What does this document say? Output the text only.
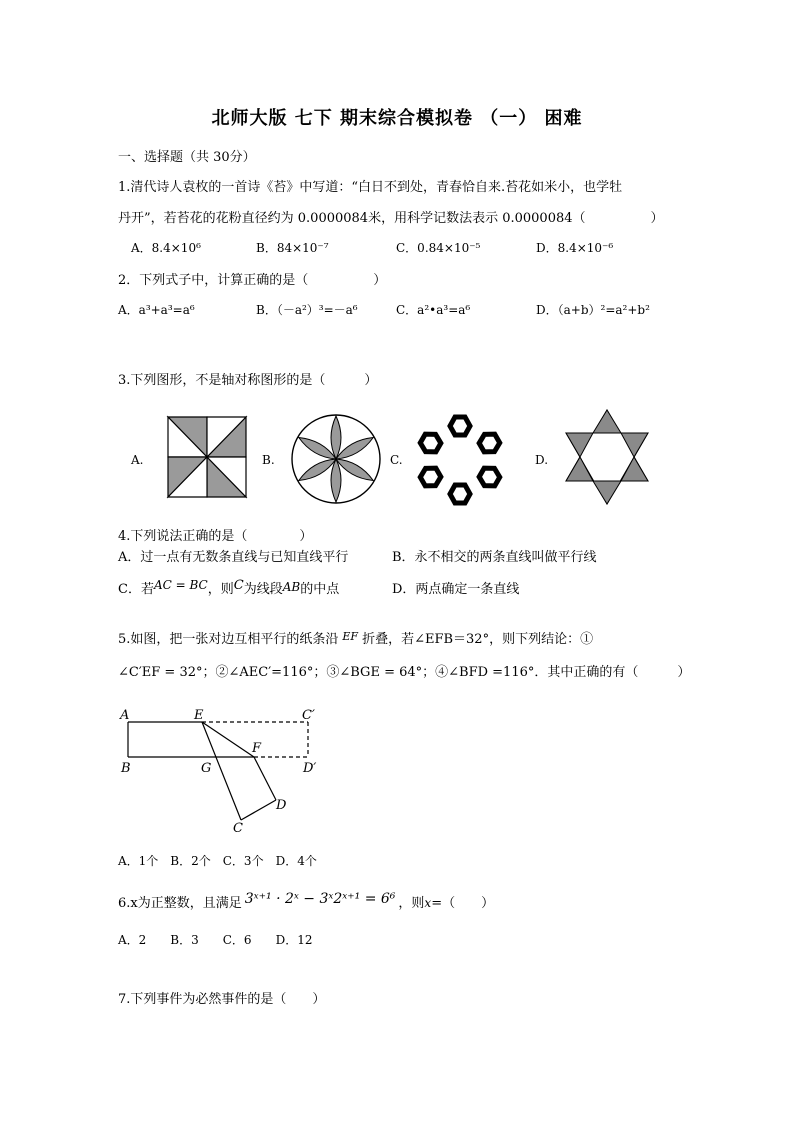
北师大版 七下 期末综合模拟卷 （一） 困难
一、选择题（共 30分）
1.清代诗人袁枚的一首诗《苔》中写道：“白日不到处，青春恰自来.苔花如米小，也学牡
丹开”，若苔花的花粉直径约为 0.0000084米，用科学记数法表示 0.0000084（　　　　　）
A．8.4×10⁶	B．84×10⁻⁷	C．0.84×10⁻⁵	D．8.4×10⁻⁶
2．下列式子中，计算正确的是（　　　　　）
A．a³+a³=a⁶	B．（－a²）³=－a⁶	C．a²•a³=a⁶	D．（a+b）²=a²+b²
3.下列图形，不是轴对称图形的是（　　　）
A.	B.	C.	D.
4.下列说法正确的是（　　　　）
A．过一点有无数条直线与已知直线平行	B．永不相交的两条直线叫做平行线
C．若AC = BC，则C为线段AB的中点	D．两点确定一条直线
5.如图，把一张对边互相平行的纸条沿 $^{EF}$ 折叠，若∠EFB＝32°，则下列结论：①
∠C′EF = 32°；②∠AEC′=116°；③∠BGE = 64°；④∠BFD =116°．其中正确的有（　　　）
A	E	C′
F
B	G	D′
D
C
A．1个　B．2个　C．3个　D．4个
6.x为正整数，且满足 3ˣ⁺¹ · 2ˣ − 3ˣ2ˣ⁺¹ = 6⁶ ，则x=（　　）
A．2　　B．3　　C．6　　D．12
7.下列事件为必然事件的是（　　）
